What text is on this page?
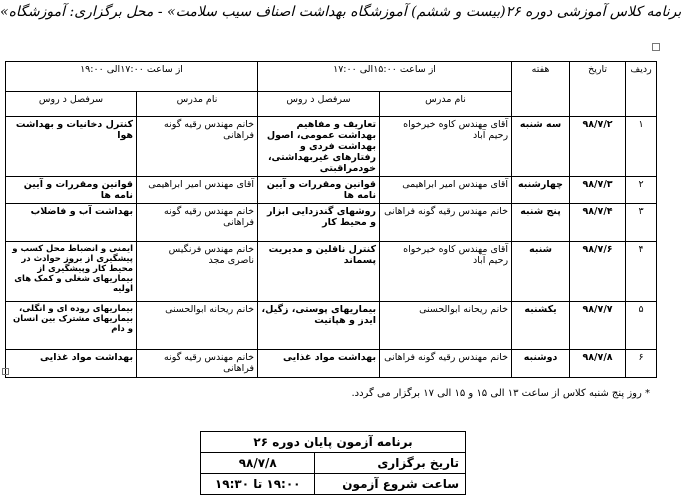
«برنامه کلاس آموزشی دوره ۲۶(بیست و ششم) آموزشگاه بهداشت اصناف سیب سلامت» - محل برگزاری: آموزشگاه
ردیف	تاریخ	هفته	از ساعت ۱۵:۰۰الی ۱۷:۰۰		از ساعت ۱۷:۰۰الی ۱۹:۰۰	
			نام مدرس	سرفصل د روس	نام مدرس	سرفصل د روس
۱	۹۸/۷/۲	سه شنبه	آقای مهندس کاوه خیرخواه رحیم آباد	تعاریف و مفاهیم بهداشت عمومی، اصول بهداشت فردی و رفتارهای غیربهداشتی، خودمراقبتی	خانم مهندس رقیه گونه فراهانی	کنترل دخانیات و بهداشت هوا
۲	۹۸/۷/۳	چهارشنبه	آقای مهندس امیر ابراهیمی	قوانین ومقررات و آیین نامه ها	آقای مهندس امیر ابراهیمی	قوانین ومقررات و آیین نامه ها
۳	۹۸/۷/۴	پنج شنبه	خانم مهندس رقیه گونه فراهانی	روشهای گندزدایی ابزار و محیط کار	خانم مهندس رقیه گونه فراهانی	بهداشت آب و فاضلاب
۴	۹۸/۷/۶	شنبه	آقای مهندس کاوه خیرخواه رحیم آباد	کنترل ناقلین و مدیریت پسماند	خانم مهندس فرنگیس ناصری مجد	ایمنی و انضباط محل کسب و پیشگیری از بروز حوادث در محیط کار وپیشگیری از بیماریهای شغلی و کمک های اولیه
۵	۹۸/۷/۷	یکشنبه	خانم ریحانه ابوالحسنی	بیماریهای پوستی، زگیل، ایدز و هپاتیت	خانم ریحانه ابوالحسنی	بیماریهای روده ای و انگلی، بیماریهای مشترک بین انسان و دام
۶	۹۸/۷/۸	دوشنبه	خانم مهندس رقیه گونه فراهانی	بهداشت مواد غذایی	خانم مهندس رقیه گونه فراهانی	بهداشت مواد غذایی
* روز پنج شنبه کلاس از ساعت ۱۳ الی ۱۵ و ۱۵ الی ۱۷ برگزار می گردد.
برنامه آزمون پایان دوره ۲۶	
تاریخ برگزاری	۹۸/۷/۸
ساعت شروع آزمون	۱۹:۰۰ تا ۱۹:۳۰
